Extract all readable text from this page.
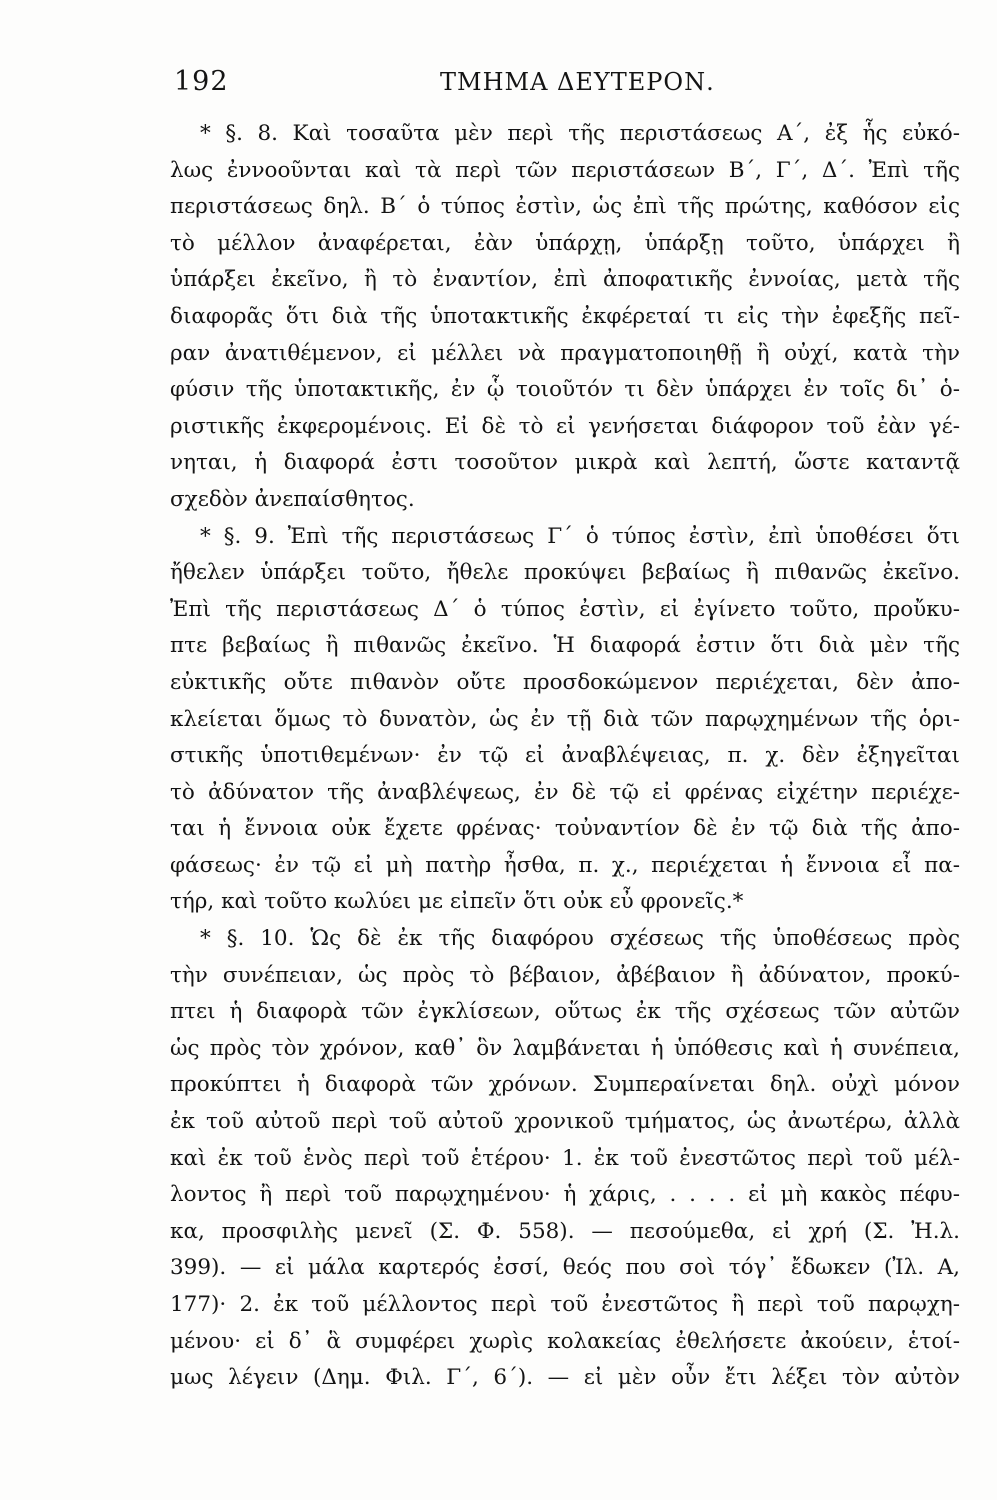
192	ΤΜΗΜΑ ΔΕΥΤΕΡΟΝ.
* §. 8. Καὶ τοσαῦτα μὲν περὶ τῆς περιστάσεως Α΄, ἐξ ἧς εὐκό-
λως ἐννοοῦνται καὶ τὰ περὶ τῶν περιστάσεων Β΄, Γ΄, Δ΄. Ἐπὶ τῆς
περιστάσεως δηλ. Β΄ ὁ τύπος ἐστὶν, ὡς ἐπὶ τῆς πρώτης, καθόσον εἰς
τὸ μέλλον ἀναφέρεται, ἐὰν ὑπάρχῃ, ὑπάρξῃ τοῦτο, ὑπάρχει ἢ
ὑπάρξει ἐκεῖνο, ἢ τὸ ἐναντίον, ἐπὶ ἀποφατικῆς ἐννοίας, μετὰ τῆς
διαφορᾶς ὅτι διὰ τῆς ὑποτακτικῆς ἐκφέρεταί τι εἰς τὴν ἐφεξῆς πεῖ-
ραν ἀνατιθέμενον, εἰ μέλλει νὰ πραγματοποιηθῇ ἢ οὐχί, κατὰ τὴν
φύσιν τῆς ὑποτακτικῆς, ἐν ᾧ τοιοῦτόν τι δὲν ὑπάρχει ἐν τοῖς δι᾽ ὁ-
ριστικῆς ἐκφερομένοις. Εἰ δὲ τὸ εἰ γενήσεται διάφορον τοῦ ἐὰν γέ-
νηται, ἡ διαφορά ἐστι τοσοῦτον μικρὰ καὶ λεπτή, ὥστε καταντᾷ
σχεδὸν ἀνεπαίσθητος.
* §. 9. Ἐπὶ τῆς περιστάσεως Γ΄ ὁ τύπος ἐστὶν, ἐπὶ ὑποθέσει ὅτι
ἤθελεν ὑπάρξει τοῦτο, ἤθελε προκύψει βεβαίως ἢ πιθανῶς ἐκεῖνο.
Ἐπὶ τῆς περιστάσεως Δ΄ ὁ τύπος ἐστὶν, εἰ ἐγίνετο τοῦτο, προὔκυ-
πτε βεβαίως ἢ πιθανῶς ἐκεῖνο. Ἡ διαφορά ἐστιν ὅτι διὰ μὲν τῆς
εὐκτικῆς οὔτε πιθανὸν οὔτε προσδοκώμενον περιέχεται, δὲν ἀπο-
κλείεται ὅμως τὸ δυνατὸν, ὡς ἐν τῇ διὰ τῶν παρῳχημένων τῆς ὁρι-
στικῆς ὑποτιθεμένων· ἐν τῷ εἰ ἀναβλέψειας, π. χ. δὲν ἐξηγεῖται
τὸ ἀδύνατον τῆς ἀναβλέψεως, ἐν δὲ τῷ εἰ φρένας εἰχέτην περιέχε-
ται ἡ ἔννοια οὐκ ἔχετε φρένας· τοὐναντίον δὲ ἐν τῷ διὰ τῆς ἀπο-
φάσεως· ἐν τῷ εἰ μὴ πατὴρ ἦσθα, π. χ., περιέχεται ἡ ἔννοια εἶ πα-
τήρ, καὶ τοῦτο κωλύει με εἰπεῖν ὅτι οὐκ εὖ φρονεῖς.*
* §. 10. Ὡς δὲ ἐκ τῆς διαφόρου σχέσεως τῆς ὑποθέσεως πρὸς
τὴν συνέπειαν, ὡς πρὸς τὸ βέβαιον, ἀβέβαιον ἢ ἀδύνατον, προκύ-
πτει ἡ διαφορὰ τῶν ἐγκλίσεων, οὕτως ἐκ τῆς σχέσεως τῶν αὐτῶν
ὡς πρὸς τὸν χρόνον, καθ᾽ ὃν λαμβάνεται ἡ ὑπόθεσις καὶ ἡ συνέπεια,
προκύπτει ἡ διαφορὰ τῶν χρόνων. Συμπεραίνεται δηλ. οὐχὶ μόνον
ἐκ τοῦ αὐτοῦ περὶ τοῦ αὐτοῦ χρονικοῦ τμήματος, ὡς ἀνωτέρω, ἀλλὰ
καὶ ἐκ τοῦ ἑνὸς περὶ τοῦ ἑτέρου· 1. ἐκ τοῦ ἐνεστῶτος περὶ τοῦ μέλ-
λοντος ἢ περὶ τοῦ παρῳχημένου· ἡ χάρις, . . . . εἰ μὴ κακὸς πέφυ-
κα, προσφιλὴς μενεῖ (Σ. Φ. 558). — πεσούμεθα, εἰ χρή (Σ. Ἠ.λ.
399). — εἰ μάλα καρτερός ἐσσί, θεός που σοὶ τόγ᾽ ἔδωκεν (Ἰλ. Α,
177)· 2. ἐκ τοῦ μέλλοντος περὶ τοῦ ἐνεστῶτος ἢ περὶ τοῦ παρῳχη-
μένου· εἰ δ᾽ ἃ συμφέρει χωρὶς κολακείας ἐθελήσετε ἀκούειν, ἑτοί-
μως λέγειν (Δημ. Φιλ. Γ΄, 6΄). — εἰ μὲν οὖν ἔτι λέξει τὸν αὐτὸν
